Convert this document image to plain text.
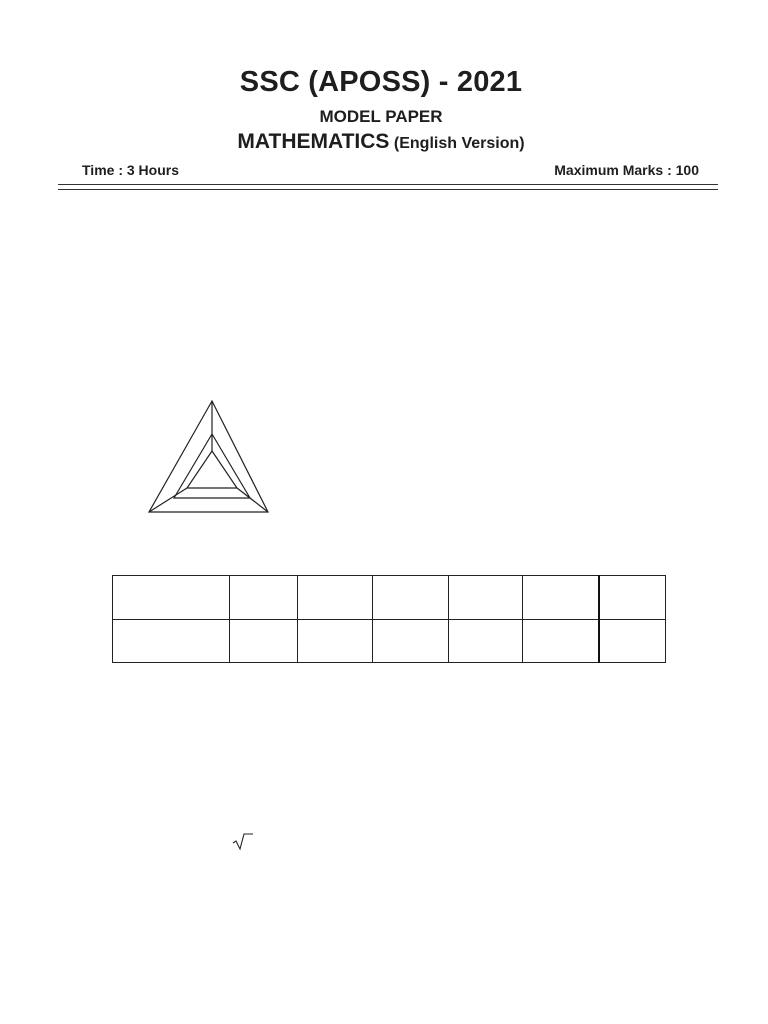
SSC (APOSS) - 2021
MODEL PAPER
MATHEMATICS (English Version)
Time : 3 Hours	Maximum Marks : 100
